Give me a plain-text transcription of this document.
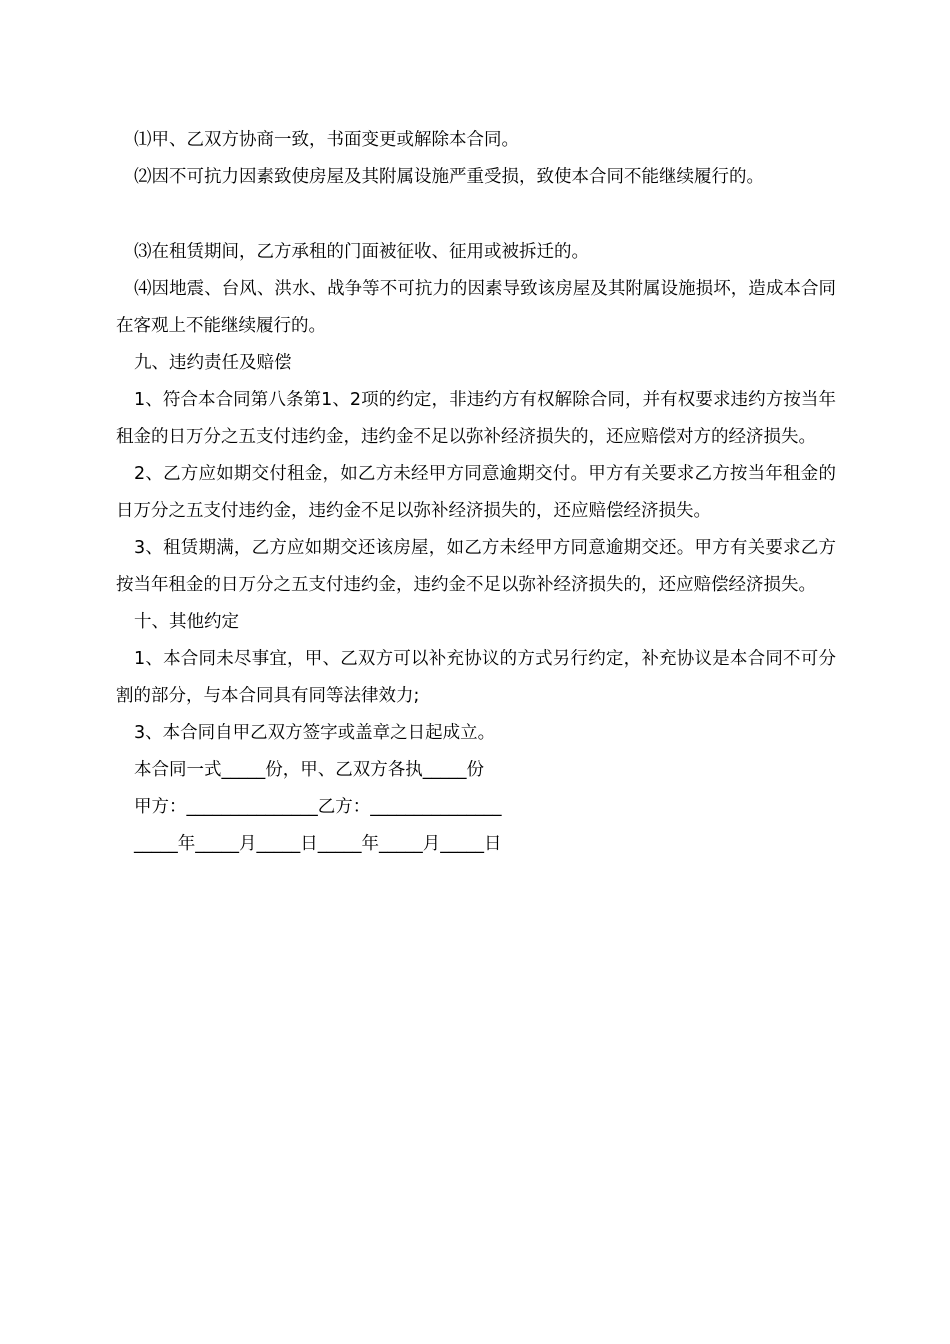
⑴甲、乙双方协商一致，书面变更或解除本合同。

⑵因不可抗力因素致使房屋及其附属设施严重受损，致使本合同不能继续履行的。

⑶在租赁期间，乙方承租的门面被征收、征用或被拆迁的。

⑷因地震、台风、洪水、战争等不可抗力的因素导致该房屋及其附属设施损坏，造成本合同在客观上不能继续履行的。

九、违约责任及赔偿

1、符合本合同第八条第1、2项的约定，非违约方有权解除合同，并有权要求违约方按当年租金的日万分之五支付违约金，违约金不足以弥补经济损失的，还应赔偿对方的经济损失。

2、乙方应如期交付租金，如乙方未经甲方同意逾期交付。甲方有关要求乙方按当年租金的日万分之五支付违约金，违约金不足以弥补经济损失的，还应赔偿经济损失。

3、租赁期满，乙方应如期交还该房屋，如乙方未经甲方同意逾期交还。甲方有关要求乙方按当年租金的日万分之五支付违约金，违约金不足以弥补经济损失的，还应赔偿经济损失。

十、其他约定

1、本合同未尽事宜，甲、乙双方可以补充协议的方式另行约定，补充协议是本合同不可分割的部分，与本合同具有同等法律效力;

3、本合同自甲乙双方签字或盖章之日起成立。

本合同一式_____份，甲、乙双方各执_____份

甲方：_______________乙方：_______________

_____年_____月_____日_____年_____月_____日
